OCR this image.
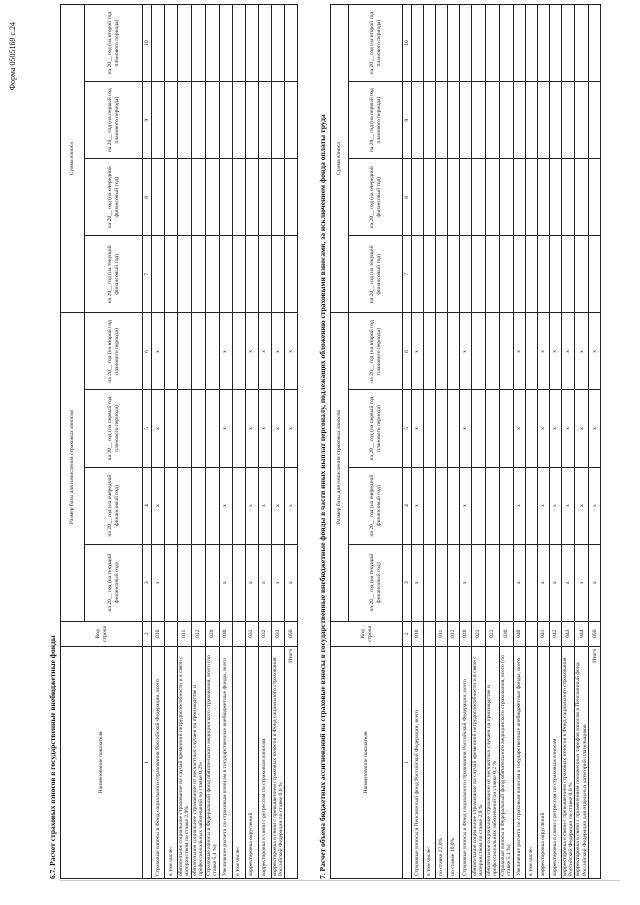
Форма 0505169 с.24
6.7. Расчет страховых взносов в государственные внебюджетные фонды	Наименование показателя	Код строки	Размер базы для начисления страховых взносов				Сумма взноса			
		на 20__ год (на текущий финансовый год)	на 20__ год (на очередной финансовый год)	на 20__ год (на первый год планового периода)	на 20__ год (на второй год планового периода)	на 20__ год (на текущий финансовый год)	на 20__ год (на очередной финансовый год)	на 20__ год (на первый год планового периода)	на 20__ год (на второй год планового периода)
1	2	3	4	5	6	7	8	9	10
Страховые взносы в Фонд социального страхования Российской Федерации, всего	010	х	х	х	х				
в том числе:									
обязательное социальное страхование на случай временной нетрудоспособности и в связи с материнством по ставке 2,9%	011								
обязательное социальное страхование от несчастных случаев на производстве и профессиональных заболеваний по ставке 0,2%	012								
Страховые взносы в Федеральный фонд обязательного медицинского страхования, всего (по ставке 5,1 %)	020								
Увеличение расчета по страховым взносам в государственные внебюджетные фонды, всего	030	х	х	х	х				
в том числе:									
корректировка округлений	031	х	х	х	х				
корректировка в связи с регрессом по страховым взносам	032	х	х	х	х				
корректировка в связи с превышением страховых взносов в Фонд социального страхования Российской Федерации по ставке 0,0 %	033	х	х	х	х				
Итого	050	х	х	х	х					7. Расчет объема бюджетных ассигнований на страховые взносы в государственные внебюджетные фонды в части иных выплат персоналу, подлежащих обложению страховыми взносами, за исключением фонда оплаты труда	Наименование показателя	Код строки	Размер базы для начисления страховых взносов				Сумма взноса			
		на 20__ год (на текущий финансовый год)	на 20__ год (на очередной финансовый год)	на 20__ год (на первый год планового периода)	на 20__ год (на второй год планового периода)	на 20__ год (на текущий финансовый год)	на 20__ год (на очередной финансовый год)	на 20__ год (на первый год планового периода)	на 20__ год (на второй год планового периода)
1	2	3	4	5	6	7	8	9	10
Страховые взносы в Пенсионный фонд Российской Федерации, всего	010	х	х	х	х				
в том числе:									
по ставке 22,0%	011								
по ставке 10,0%	012								
Страховые взносы в Фонд социального страхования Российской Федерации, всего	020	х	х	х	х				
обязательное социальное страхование на случай временной нетрудоспособности и в связи с материнством по ставке 2,9 %	021								
обязательное социальное страхование от несчастных случаев на производстве и профессиональных заболеваний по ставке 0,2 %	022								
Страховые взносы в Федеральный фонд обязательного медицинского страхования, всего (по ставке 5,1 %)	030								
Увеличение расчета по страховым взносам в государственные внебюджетные фонды, всего	040	х	х	х	х				
в том числе:									
корректировка округлений	041	х	х	х	х				
корректировка в связи с регрессом по страховым взносам	042	х	х	х	х				
корректировка в связи с превышением страховых взносов в Фонд социального страхования Российской Федерации по ставке 0,0 %	043	х	х	х	х				
корректировка в связи с применением пониженных тарифов взносов в Пенсионный фонд Российской Федерации для отдельных категорий плательщиков	044	х	х	х	х				
Итого	050	х	х	х	х				
